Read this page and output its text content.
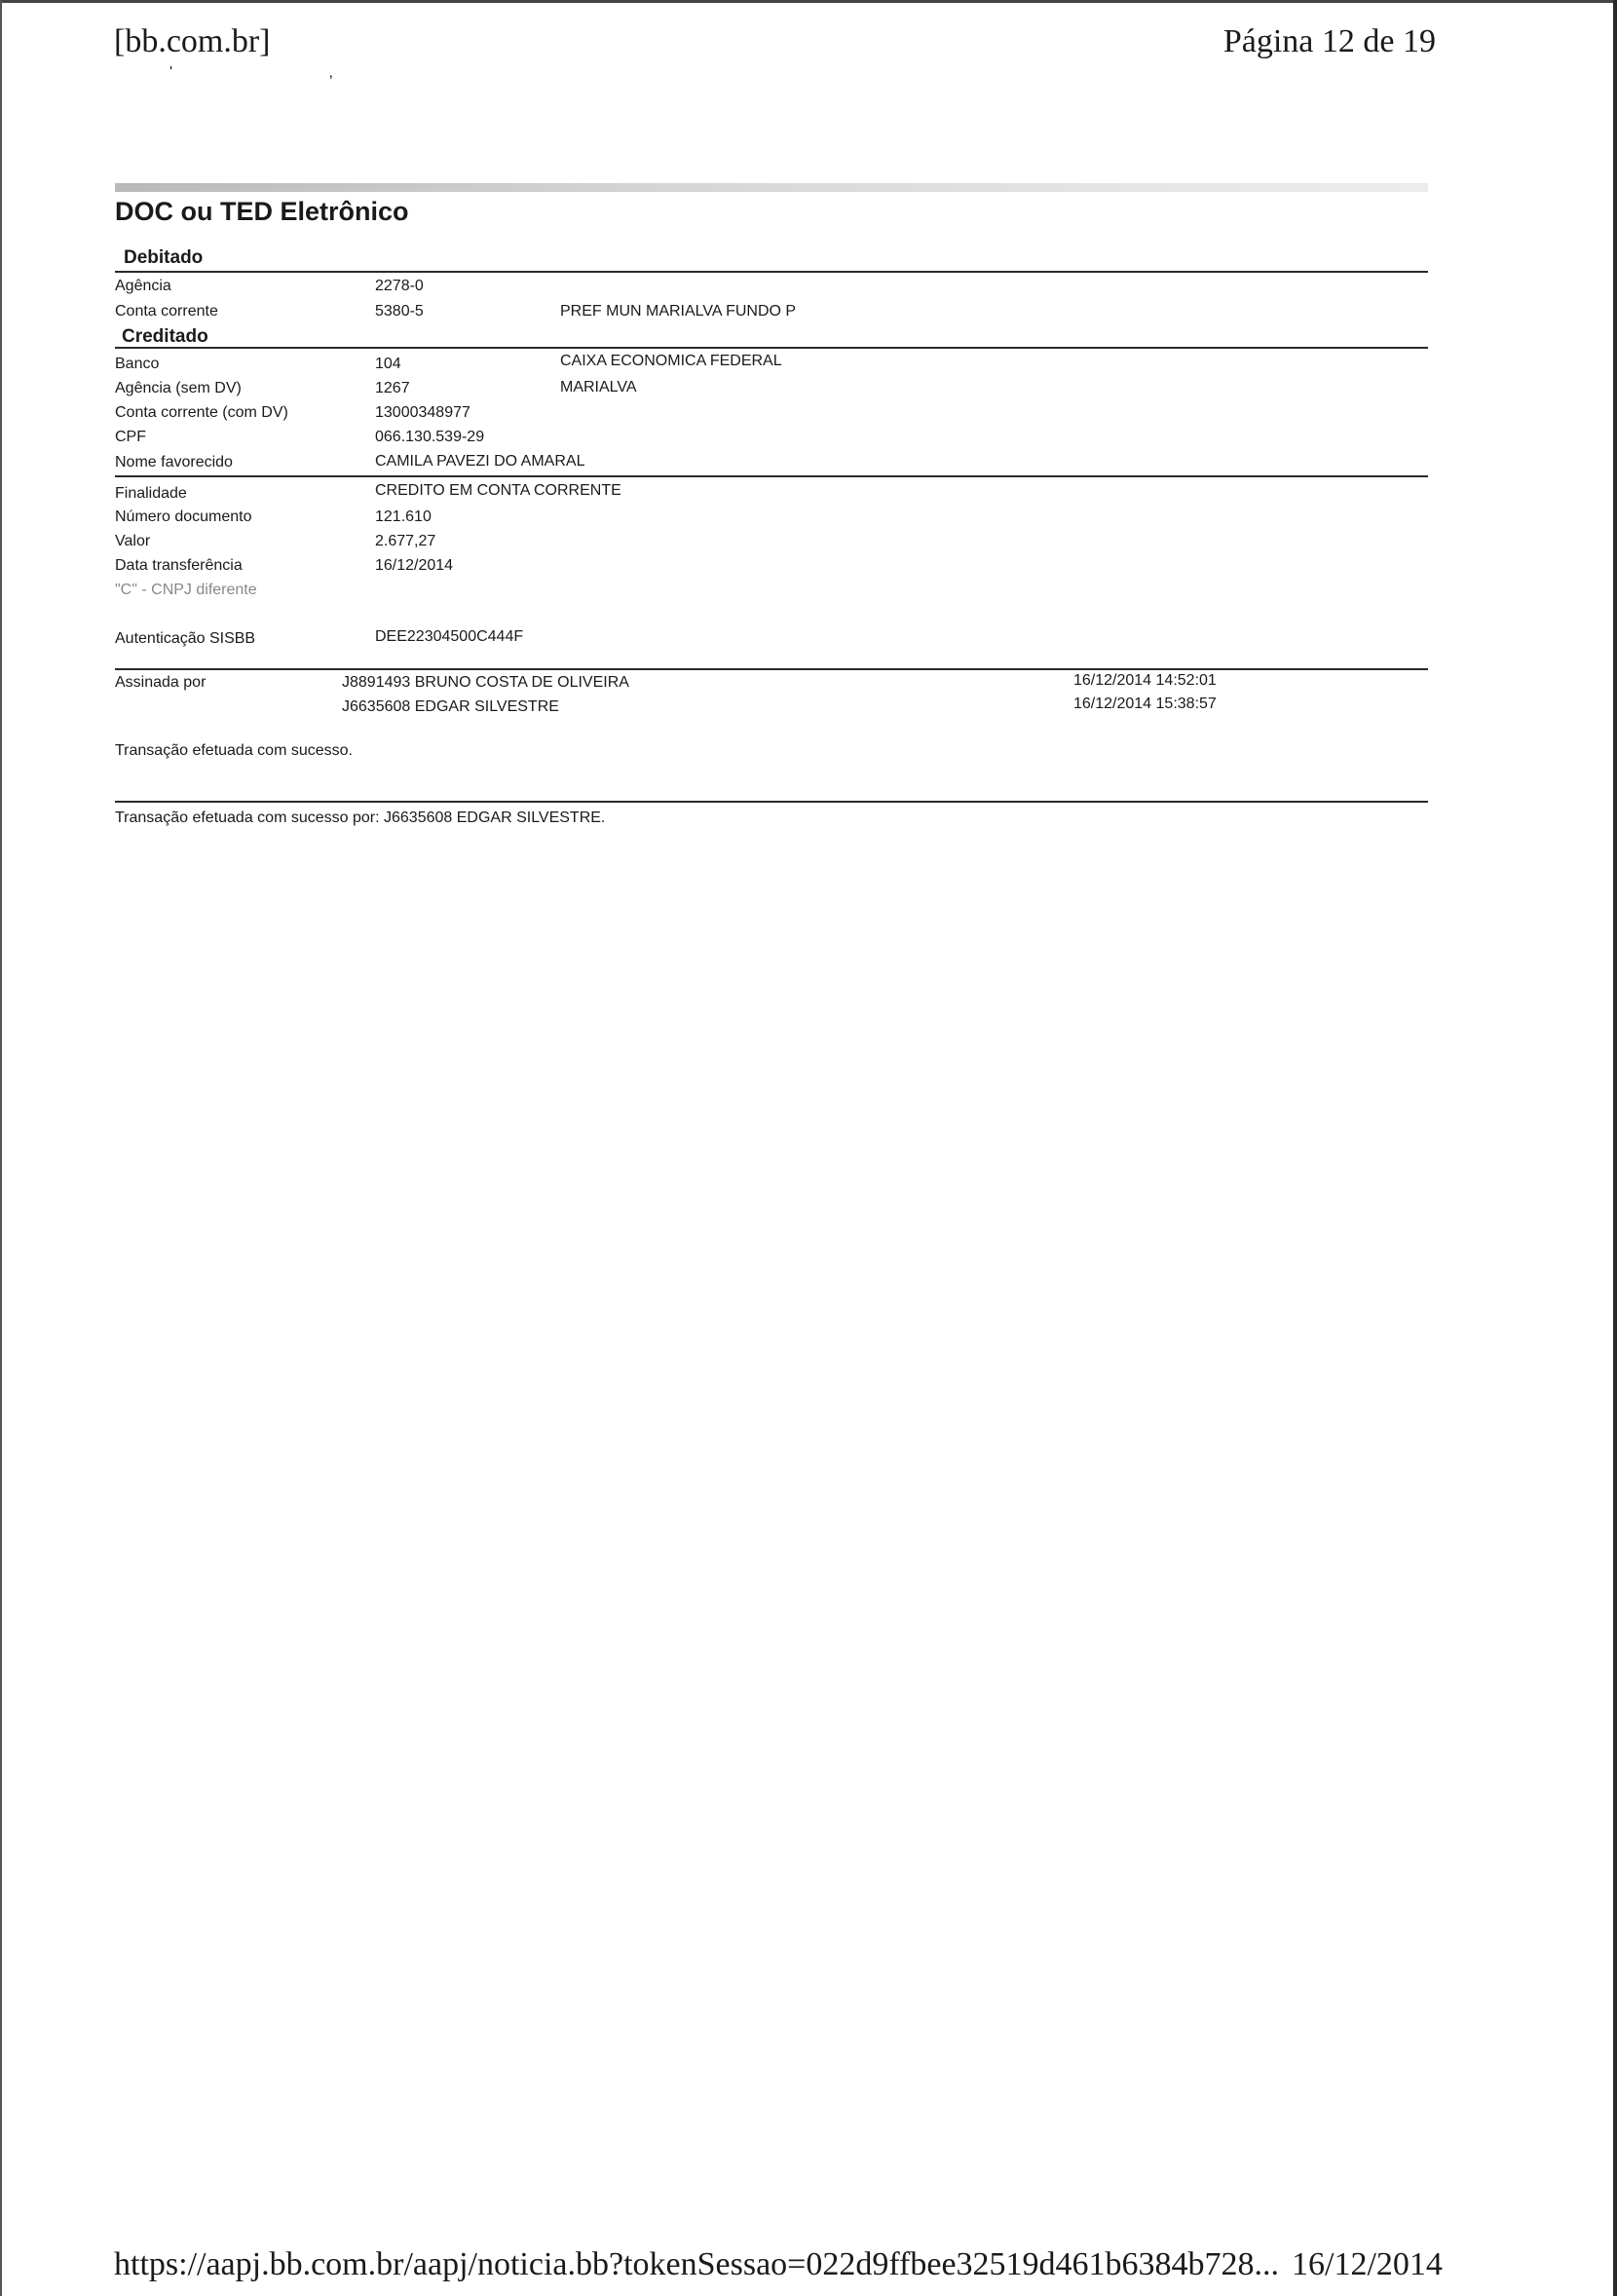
[bb.com.br]	Página 12 de 19
' ,
DOC ou TED Eletrônico
Debitado
Agência	2278-0
Conta corrente	5380-5	PREF MUN MARIALVA FUNDO P
Creditado
Banco	104	CAIXA ECONOMICA FEDERAL
Agência (sem DV)	1267	MARIALVA
Conta corrente (com DV)	13000348977
CPF	066.130.539-29
Nome favorecido	CAMILA PAVEZI DO AMARAL
Finalidade	CREDITO EM CONTA CORRENTE
Número documento	121.610
Valor	2.677,27
Data transferência	16/12/2014
"C" - CNPJ diferente
Autenticação SISBB	DEE22304500C444F
Assinada por	J8891493 BRUNO COSTA DE OLIVEIRA	16/12/2014 14:52:01
J6635608 EDGAR SILVESTRE	16/12/2014 15:38:57
Transação efetuada com sucesso.
Transação efetuada com sucesso por: J6635608 EDGAR SILVESTRE.
https://aapj.bb.com.br/aapj/noticia.bb?tokenSessao=022d9ffbee32519d461b6384b728... 16/12/2014
